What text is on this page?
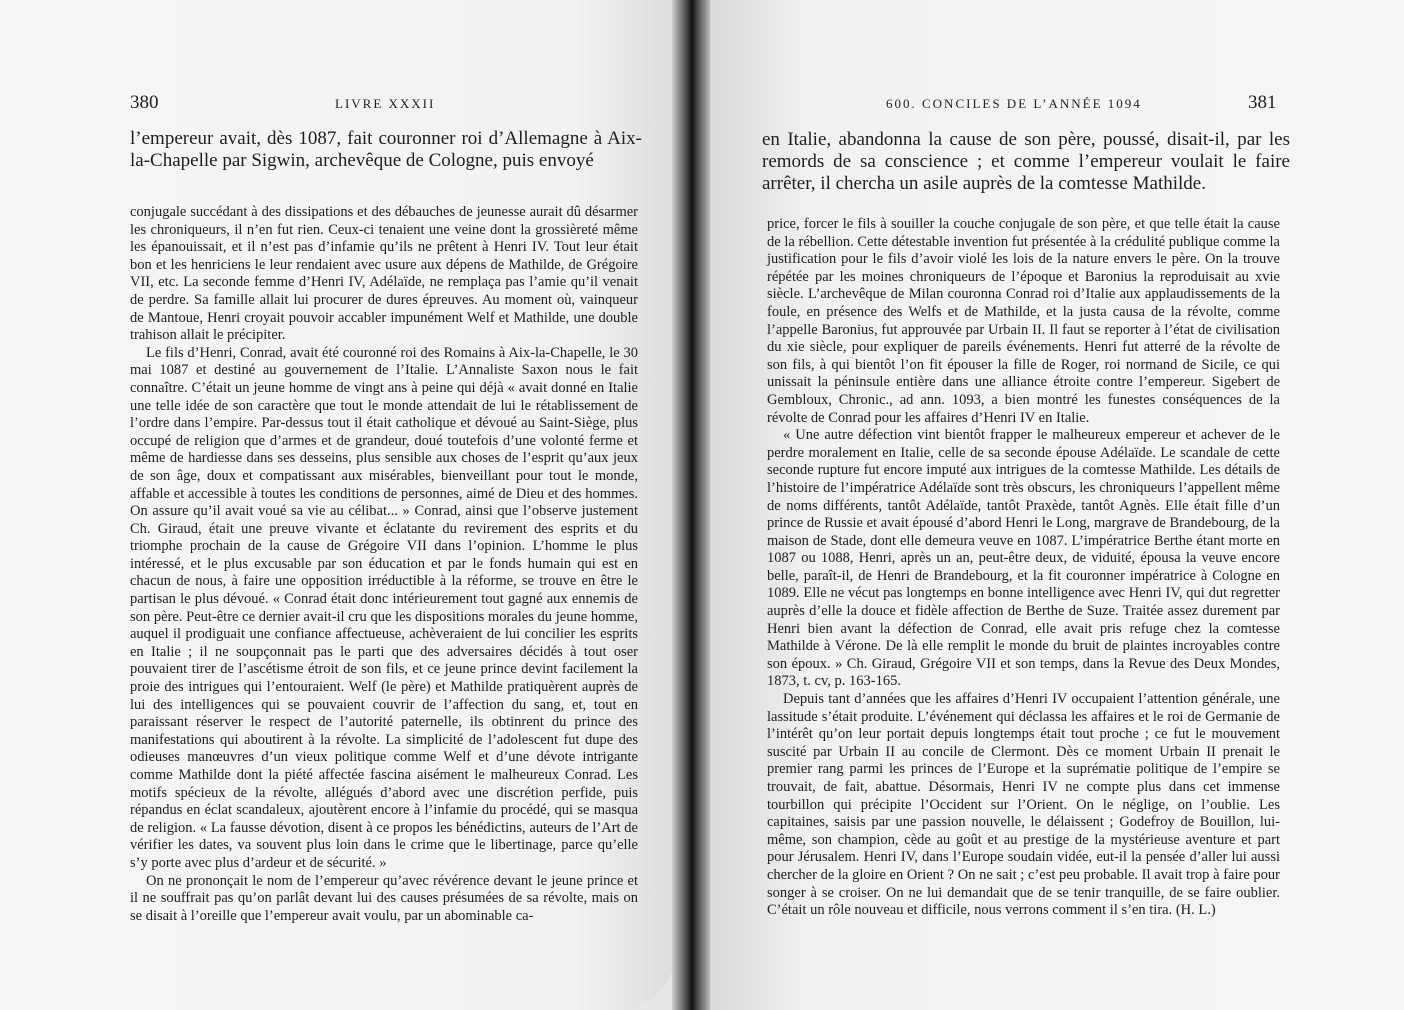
380	LIVRE XXXII

l’empereur avait, dès 1087, fait couronner roi d’Allemagne à Aix-la-Chapelle par Sigwin, archevêque de Cologne, puis envoyé

conjugale succédant à des dissipations et des débauches de jeunesse aurait dû désarmer les chroniqueurs, il n’en fut rien. Ceux-ci tenaient une veine dont la grossièreté même les épanouissait, et il n’est pas d’infamie qu’ils ne prêtent à Henri IV. Tout leur était bon et les henriciens le leur rendaient avec usure aux dépens de Mathilde, de Grégoire VII, etc. La seconde femme d’Henri IV, Adélaïde, ne remplaça pas l’amie qu’il venait de perdre. Sa famille allait lui procurer de dures épreuves. Au moment où, vainqueur de Mantoue, Henri croyait pouvoir accabler impunément Welf et Mathilde, une double trahison allait le précipiter.

Le fils d’Henri, Conrad, avait été couronné roi des Romains à Aix-la-Chapelle, le 30 mai 1087 et destiné au gouvernement de l’Italie. L’Annaliste Saxon nous le fait connaître. C’était un jeune homme de vingt ans à peine qui déjà « avait donné en Italie une telle idée de son caractère que tout le monde attendait de lui le rétablissement de l’ordre dans l’empire. Par-dessus tout il était catholique et dévoué au Saint-Siège, plus occupé de religion que d’armes et de grandeur, doué toutefois d’une volonté ferme et même de hardiesse dans ses desseins, plus sensible aux choses de l’esprit qu’aux jeux de son âge, doux et compatissant aux misérables, bienveillant pour tout le monde, affable et accessible à toutes les conditions de personnes, aimé de Dieu et des hommes. On assure qu’il avait voué sa vie au célibat... » Conrad, ainsi que l’observe justement Ch. Giraud, était une preuve vivante et éclatante du revirement des esprits et du triomphe prochain de la cause de Grégoire VII dans l’opinion. L’homme le plus intéressé, et le plus excusable par son éducation et par le fonds humain qui est en chacun de nous, à faire une opposition irréductible à la réforme, se trouve en être le partisan le plus dévoué. « Conrad était donc intérieurement tout gagné aux ennemis de son père. Peut-être ce dernier avait-il cru que les dispositions morales du jeune homme, auquel il prodiguait une confiance affectueuse, achèveraient de lui concilier les esprits en Italie ; il ne soupçonnait pas le parti que des adversaires décidés à tout oser pouvaient tirer de l’ascétisme étroit de son fils, et ce jeune prince devint facilement la proie des intrigues qui l’entouraient. Welf (le père) et Mathilde pratiquèrent auprès de lui des intelligences qui se pouvaient couvrir de l’affection du sang, et, tout en paraissant réserver le respect de l’autorité paternelle, ils obtinrent du prince des manifestations qui aboutirent à la révolte. La simplicité de l’adolescent fut dupe des odieuses manœuvres d’un vieux politique comme Welf et d’une dévote intrigante comme Mathilde dont la piété affectée fascina aisément le malheureux Conrad. Les motifs spécieux de la révolte, allégués d’abord avec une discrétion perfide, puis répandus en éclat scandaleux, ajoutèrent encore à l’infamie du procédé, qui se masqua de religion. « La fausse dévotion, disent à ce propos les bénédictins, auteurs de l’Art de vérifier les dates, va souvent plus loin dans le crime que le libertinage, parce qu’elle s’y porte avec plus d’ardeur et de sécurité. »

On ne prononçait le nom de l’empereur qu’avec révérence devant le jeune prince et il ne souffrait pas qu’on parlât devant lui des causes présumées de sa révolte, mais on se disait à l’oreille que l’empereur avait voulu, par un abominable ca-

600. CONCILES DE L’ANNÉE 1094	381

en Italie, abandonna la cause de son père, poussé, disait-il, par les remords de sa conscience ; et comme l’empereur voulait le faire arrêter, il chercha un asile auprès de la comtesse Mathilde.

price, forcer le fils à souiller la couche conjugale de son père, et que telle était la cause de la rébellion. Cette détestable invention fut présentée à la crédulité publique comme la justification pour le fils d’avoir violé les lois de la nature envers le père. On la trouve répétée par les moines chroniqueurs de l’époque et Baronius la reproduisait au xvie siècle. L’archevêque de Milan couronna Conrad roi d’Italie aux applaudissements de la foule, en présence des Welfs et de Mathilde, et la justa causa de la révolte, comme l’appelle Baronius, fut approuvée par Urbain II. Il faut se reporter à l’état de civilisation du xie siècle, pour expliquer de pareils événements. Henri fut atterré de la révolte de son fils, à qui bientôt l’on fit épouser la fille de Roger, roi normand de Sicile, ce qui unissait la péninsule entière dans une alliance étroite contre l’empereur. Sigebert de Gembloux, Chronic., ad ann. 1093, a bien montré les funestes conséquences de la révolte de Conrad pour les affaires d’Henri IV en Italie.

« Une autre défection vint bientôt frapper le malheureux empereur et achever de le perdre moralement en Italie, celle de sa seconde épouse Adélaïde. Le scandale de cette seconde rupture fut encore imputé aux intrigues de la comtesse Mathilde. Les détails de l’histoire de l’impératrice Adélaïde sont très obscurs, les chroniqueurs l’appellent même de noms différents, tantôt Adélaïde, tantôt Praxède, tantôt Agnès. Elle était fille d’un prince de Russie et avait épousé d’abord Henri le Long, margrave de Brandebourg, de la maison de Stade, dont elle demeura veuve en 1087. L’impératrice Berthe étant morte en 1087 ou 1088, Henri, après un an, peut-être deux, de viduité, épousa la veuve encore belle, paraît-il, de Henri de Brandebourg, et la fit couronner impératrice à Cologne en 1089. Elle ne vécut pas longtemps en bonne intelligence avec Henri IV, qui dut regretter auprès d’elle la douce et fidèle affection de Berthe de Suze. Traitée assez durement par Henri bien avant la défection de Conrad, elle avait pris refuge chez la comtesse Mathilde à Vérone. De là elle remplit le monde du bruit de plaintes incroyables contre son époux. » Ch. Giraud, Grégoire VII et son temps, dans la Revue des Deux Mondes, 1873, t. cv, p. 163-165.

Depuis tant d’années que les affaires d’Henri IV occupaient l’attention générale, une lassitude s’était produite. L’événement qui déclassa les affaires et le roi de Germanie de l’intérêt qu’on leur portait depuis longtemps était tout proche ; ce fut le mouvement suscité par Urbain II au concile de Clermont. Dès ce moment Urbain II prenait le premier rang parmi les princes de l’Europe et la suprématie politique de l’empire se trouvait, de fait, abattue. Désormais, Henri IV ne compte plus dans cet immense tourbillon qui précipite l’Occident sur l’Orient. On le néglige, on l’oublie. Les capitaines, saisis par une passion nouvelle, le délaissent ; Godefroy de Bouillon, lui-même, son champion, cède au goût et au prestige de la mystérieuse aventure et part pour Jérusalem. Henri IV, dans l’Europe soudain vidée, eut-il la pensée d’aller lui aussi chercher de la gloire en Orient ? On ne sait ; c’est peu probable. Il avait trop à faire pour songer à se croiser. On ne lui demandait que de se tenir tranquille, de se faire oublier. C’était un rôle nouveau et difficile, nous verrons comment il s’en tira. (H. L.)
